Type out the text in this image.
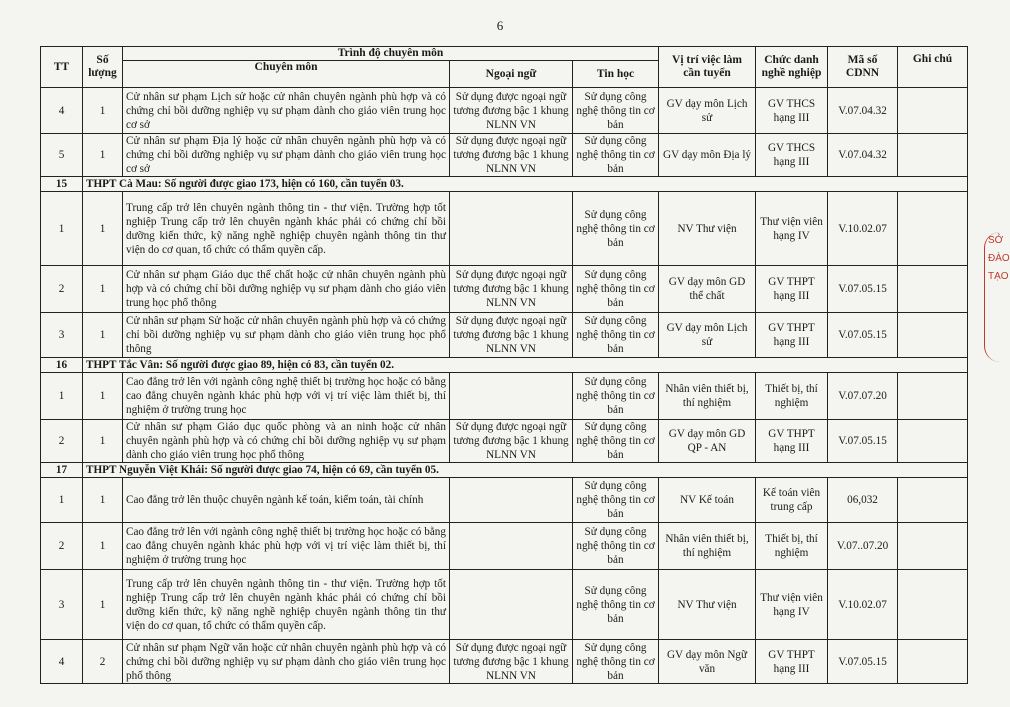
6
TT	Số lượng	Trình độ chuyên môn			Vị trí việc làm cần tuyển	Chức danh nghề nghiệp	Mã số CDNN	Ghi chú
		Chuyên môn	Ngoại ngữ	Tin học				
4	1	Cử nhân sư phạm Lịch sử hoặc cử nhân chuyên ngành phù hợp và có chứng chỉ bồi dưỡng nghiệp vụ sư phạm dành cho giáo viên trung học cơ sở	Sử dụng được ngoại ngữ tương đương bậc 1 khung NLNN VN	Sử dụng công nghệ thông tin cơ bản	GV dạy môn Lịch sử	GV THCS hạng III	V.07.04.32	
5	1	Cử nhân sư phạm Địa lý hoặc cử nhân chuyên ngành phù hợp và có chứng chỉ bồi dưỡng nghiệp vụ sư phạm dành cho giáo viên trung học cơ sở	Sử dụng được ngoại ngữ tương đương bậc 1 khung NLNN VN	Sử dụng công nghệ thông tin cơ bản	GV dạy môn Địa lý	GV THCS hạng III	V.07.04.32	
15	THPT Cà Mau: Số người được giao 173, hiện có 160, cần tuyển 03.							
1	1	Trung cấp trở lên chuyên ngành thông tin - thư viện. Trường hợp tốt nghiệp Trung cấp trở lên chuyên ngành khác phải có chứng chỉ bồi dưỡng kiến thức, kỹ năng nghề nghiệp chuyên ngành thông tin thư viện do cơ quan, tổ chức có thẩm quyền cấp.		Sử dụng công nghệ thông tin cơ bản	NV Thư viện	Thư viện viên hạng IV	V.10.02.07	
2	1	Cử nhân sư phạm Giáo dục thể chất hoặc cử nhân chuyên ngành phù hợp và có chứng chỉ bồi dưỡng nghiệp vụ sư phạm dành cho giáo viên trung học phổ thông	Sử dụng được ngoại ngữ tương đương bậc 1 khung NLNN VN	Sử dụng công nghệ thông tin cơ bản	GV dạy môn GD thể chất	GV THPT hạng III	V.07.05.15	
3	1	Cử nhân sư phạm Sử hoặc cử nhân chuyên ngành phù hợp và có chứng chỉ bồi dưỡng nghiệp vụ sư phạm dành cho giáo viên trung học phổ thông	Sử dụng được ngoại ngữ tương đương bậc 1 khung NLNN VN	Sử dụng công nghệ thông tin cơ bản	GV dạy môn Lịch sử	GV THPT hạng III	V.07.05.15	
16	THPT Tắc Vân: Số người được giao 89, hiện có 83, cần tuyển 02.							
1	1	Cao đẳng trở lên với ngành công nghệ thiết bị trường học hoặc có bằng cao đẳng chuyên ngành khác phù hợp với vị trí việc làm thiết bị, thí nghiệm ở trường trung học		Sử dụng công nghệ thông tin cơ bản	Nhân viên thiết bị, thí nghiệm	Thiết bị, thí nghiệm	V.07.07.20	
2	1	Cử nhân sư phạm Giáo dục quốc phòng và an ninh hoặc cử nhân chuyên ngành phù hợp và có chứng chỉ bồi dưỡng nghiệp vụ sư phạm dành cho giáo viên trung học phổ thông	Sử dụng được ngoại ngữ tương đương bậc 1 khung NLNN VN	Sử dụng công nghệ thông tin cơ bản	GV dạy môn GD QP - AN	GV THPT hạng III	V.07.05.15	
17	THPT Nguyễn Việt Khái: Số người được giao 74, hiện có 69, cần tuyển 05.							
1	1	Cao đẳng trở lên thuộc chuyên ngành kế toán, kiểm toán, tài chính		Sử dụng công nghệ thông tin cơ bản	NV Kế toán	Kế toán viên trung cấp	06,032	
2	1	Cao đẳng trở lên với ngành công nghệ thiết bị trường học hoặc có bằng cao đẳng chuyên ngành khác phù hợp với vị trí việc làm thiết bị, thí nghiệm ở trường trung học		Sử dụng công nghệ thông tin cơ bản	Nhân viên thiết bị, thí nghiệm	Thiết bị, thí nghiệm	V.07..07.20	
3	1	Trung cấp trở lên chuyên ngành thông tin - thư viện. Trường hợp tốt nghiệp Trung cấp trở lên chuyên ngành khác phải có chứng chỉ bồi dưỡng kiến thức, kỹ năng nghề nghiệp chuyên ngành thông tin thư viện do cơ quan, tổ chức có thẩm quyền cấp.		Sử dụng công nghệ thông tin cơ bản	NV Thư viện	Thư viện viên hạng IV	V.10.02.07	
4	2	Cử nhân sư phạm Ngữ văn hoặc cử nhân chuyên ngành phù hợp và có chứng chỉ bồi dưỡng nghiệp vụ sư phạm dành cho giáo viên trung học phổ thông	Sử dụng được ngoại ngữ tương đương bậc 1 khung NLNN VN	Sử dụng công nghệ thông tin cơ bản	GV dạy môn Ngữ văn	GV THPT hạng III	V.07.05.15	
SỞ ĐÀO TẠO
